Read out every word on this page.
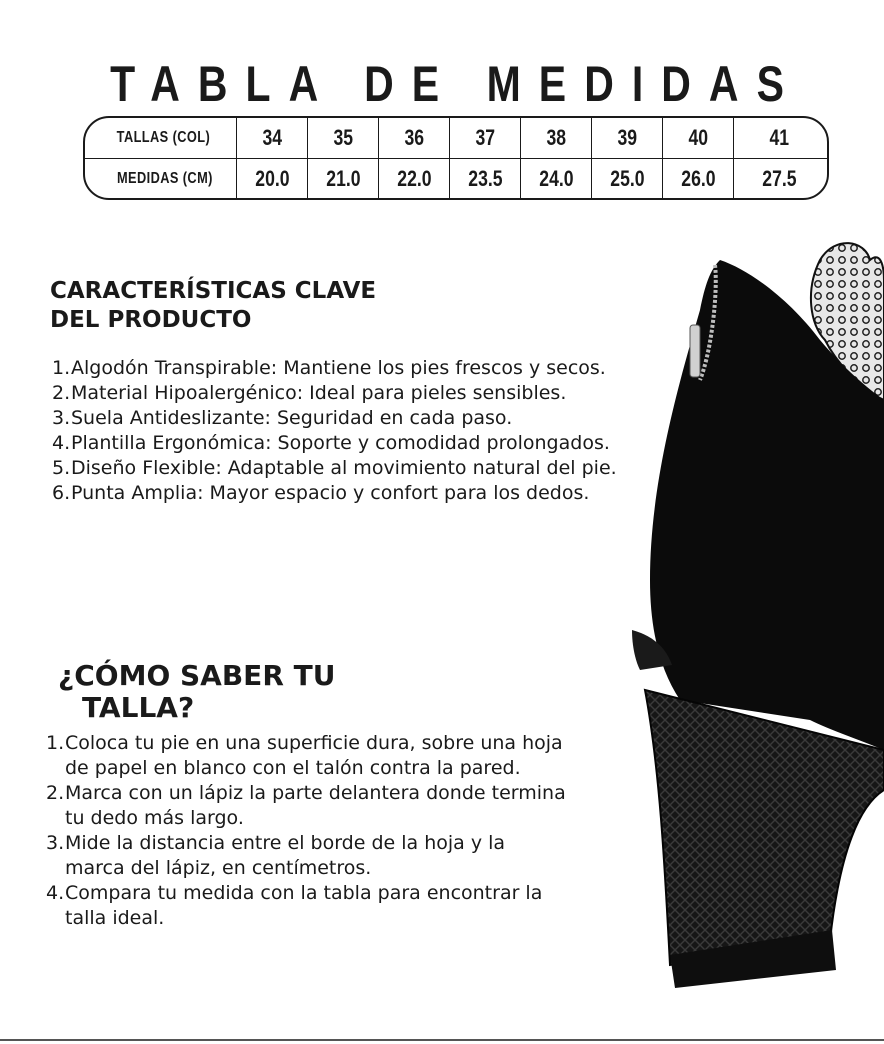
TABLA DE MEDIDAS
TALLAS (COL) 34 35 36 37 38 39 40	41
MEDIDAS (CM) 20.0 21.0 22.0 23.5 24.0 25.0 26.0 27.5
CARACTERÍSTICAS CLAVE
DEL PRODUCTO
1. Algodón Transpirable: Mantiene los pies frescos y secos.
2. Material Hipoalergénico: Ideal para pieles sensibles.
3. Suela Antideslizante: Seguridad en cada paso.
4. Plantilla Ergonómica: Soporte y comodidad prolongados.
5. Diseño Flexible: Adaptable al movimiento natural del pie.
6. Punta Amplia: Mayor espacio y confort para los dedos.
¿CÓMO SABER TU
TALLA?
1. Coloca tu pie en una superficie dura, sobre una hoja de papel en blanco con el talón contra la pared.
2. Marca con un lápiz la parte delantera donde termina tu dedo más largo.
3. Mide la distancia entre el borde de la hoja y la marca del lápiz, en centímetros.
4. Compara tu medida con la tabla para encontrar la talla ideal.
